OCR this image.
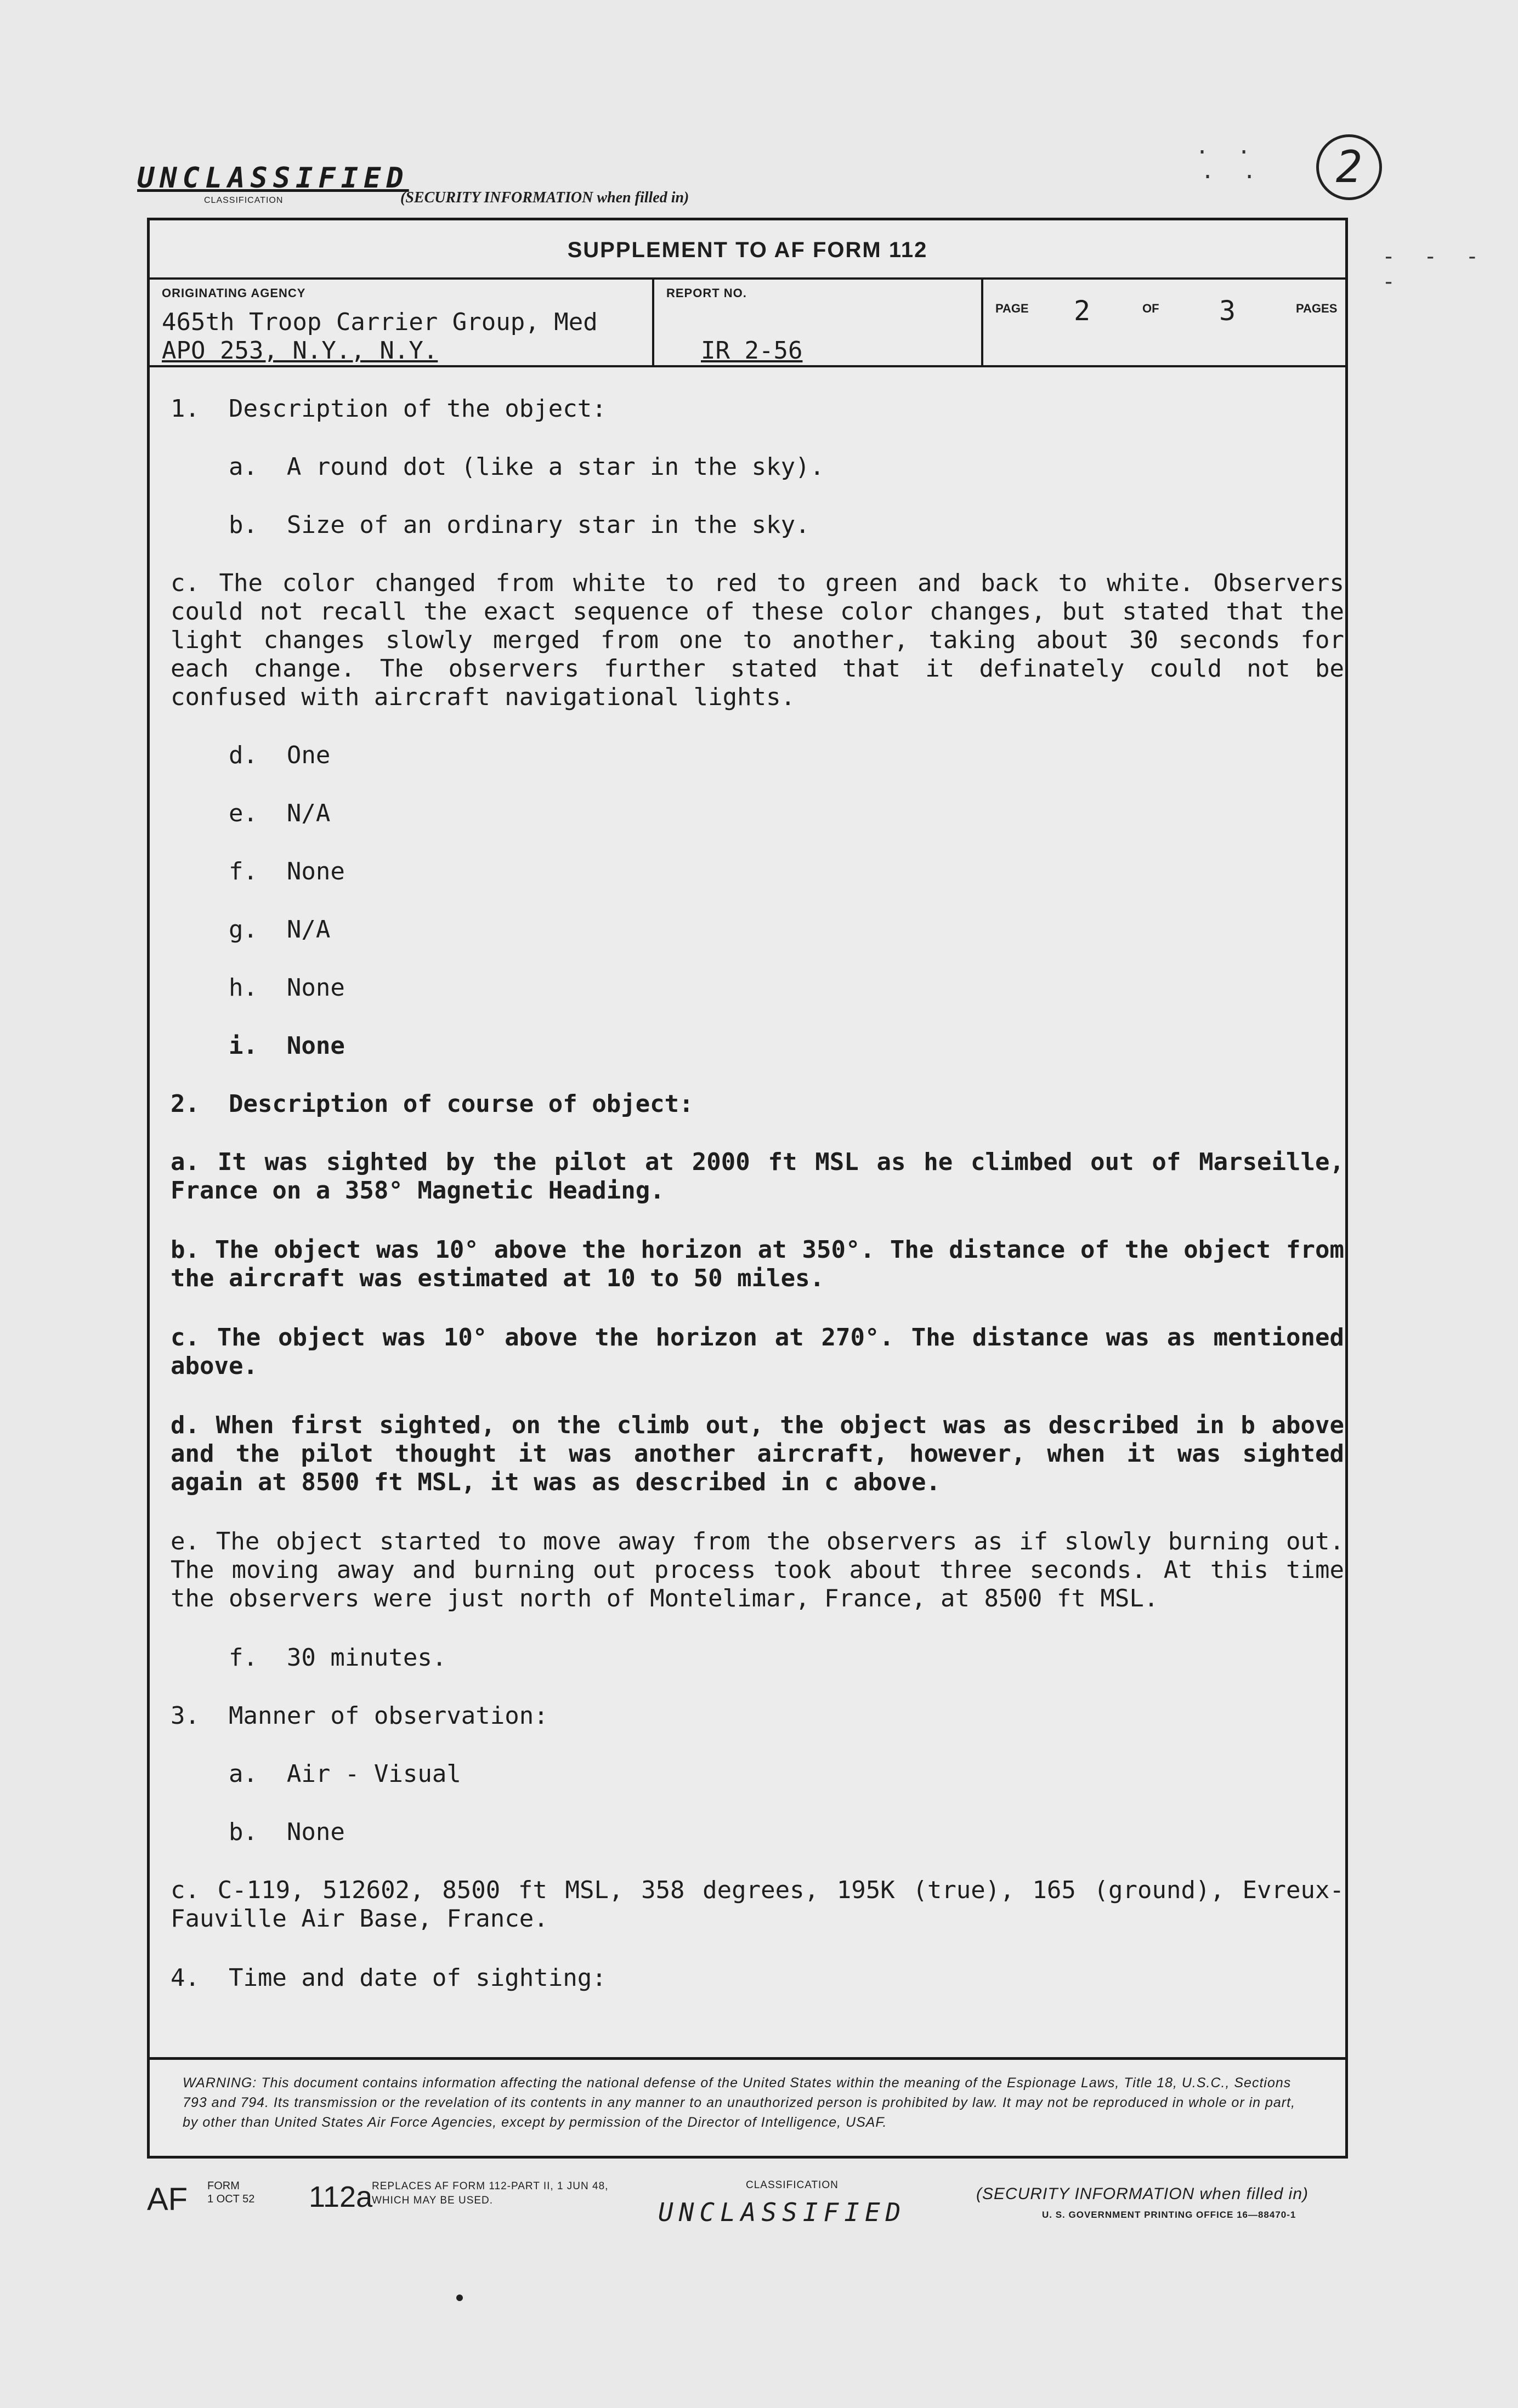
UNCLASSIFIED
CLASSIFICATION	(SECURITY INFORMATION when filled in)
2
· ·
· ·
- - - -
SUPPLEMENT TO AF FORM 112
ORIGINATING AGENCY
465th Troop Carrier Group, Med
APO 253, N.Y., N.Y.
REPORT NO.
IR 2-56
PAGE 2	OF 3	PAGES
1.  Description of the object:
a.  A round dot (like a star in the sky).
b.  Size of an ordinary star in the sky.
c. The color changed from white to red to green and back to white. Observers could not recall the exact sequence of these color changes, but stated that the light changes slowly merged from one to another, taking about 30 seconds for each change. The observers further stated that it definately could not be confused with aircraft navigational lights.
d.  One
e.  N/A
f.  None
g.  N/A
h.  None
i.  None
2.  Description of course of object:
a. It was sighted by the pilot at 2000 ft MSL as he climbed out of Marseille, France on a 358° Magnetic Heading.
b. The object was 10° above the horizon at 350°. The distance of the object from the aircraft was estimated at 10 to 50 miles.
c. The object was 10° above the horizon at 270°. The distance was as mentioned above.
d. When first sighted, on the climb out, the object was as described in b above and the pilot thought it was another aircraft, however, when it was sighted again at 8500 ft MSL, it was as described in c above.
e. The object started to move away from the observers as if slowly burning out. The moving away and burning out process took about three seconds. At this time the observers were just north of Montelimar, France, at 8500 ft MSL.
f.  30 minutes.
3.  Manner of observation:
a.  Air - Visual
b.  None
c. C-119, 512602, 8500 ft MSL, 358 degrees, 195K (true), 165 (ground), Evreux-Fauville Air Base, France.
4.  Time and date of sighting:
WARNING: This document contains information affecting the national defense of the United States within the meaning of the Espionage Laws, Title 18, U.S.C., Sections 793 and 794. Its transmission or the revelation of its contents in any manner to an unauthorized person is prohibited by law. It may not be reproduced in whole or in part, by other than United States Air Force Agencies, except by permission of the Director of Intelligence, USAF.
AF FORM
1 OCT 52 112a
REPLACES AF FORM 112-PART II, 1 JUN 48,
WHICH MAY BE USED.
CLASSIFICATION
UNCLASSIFIED
(SECURITY INFORMATION when filled in)
U. S. GOVERNMENT PRINTING OFFICE 16—88470-1
